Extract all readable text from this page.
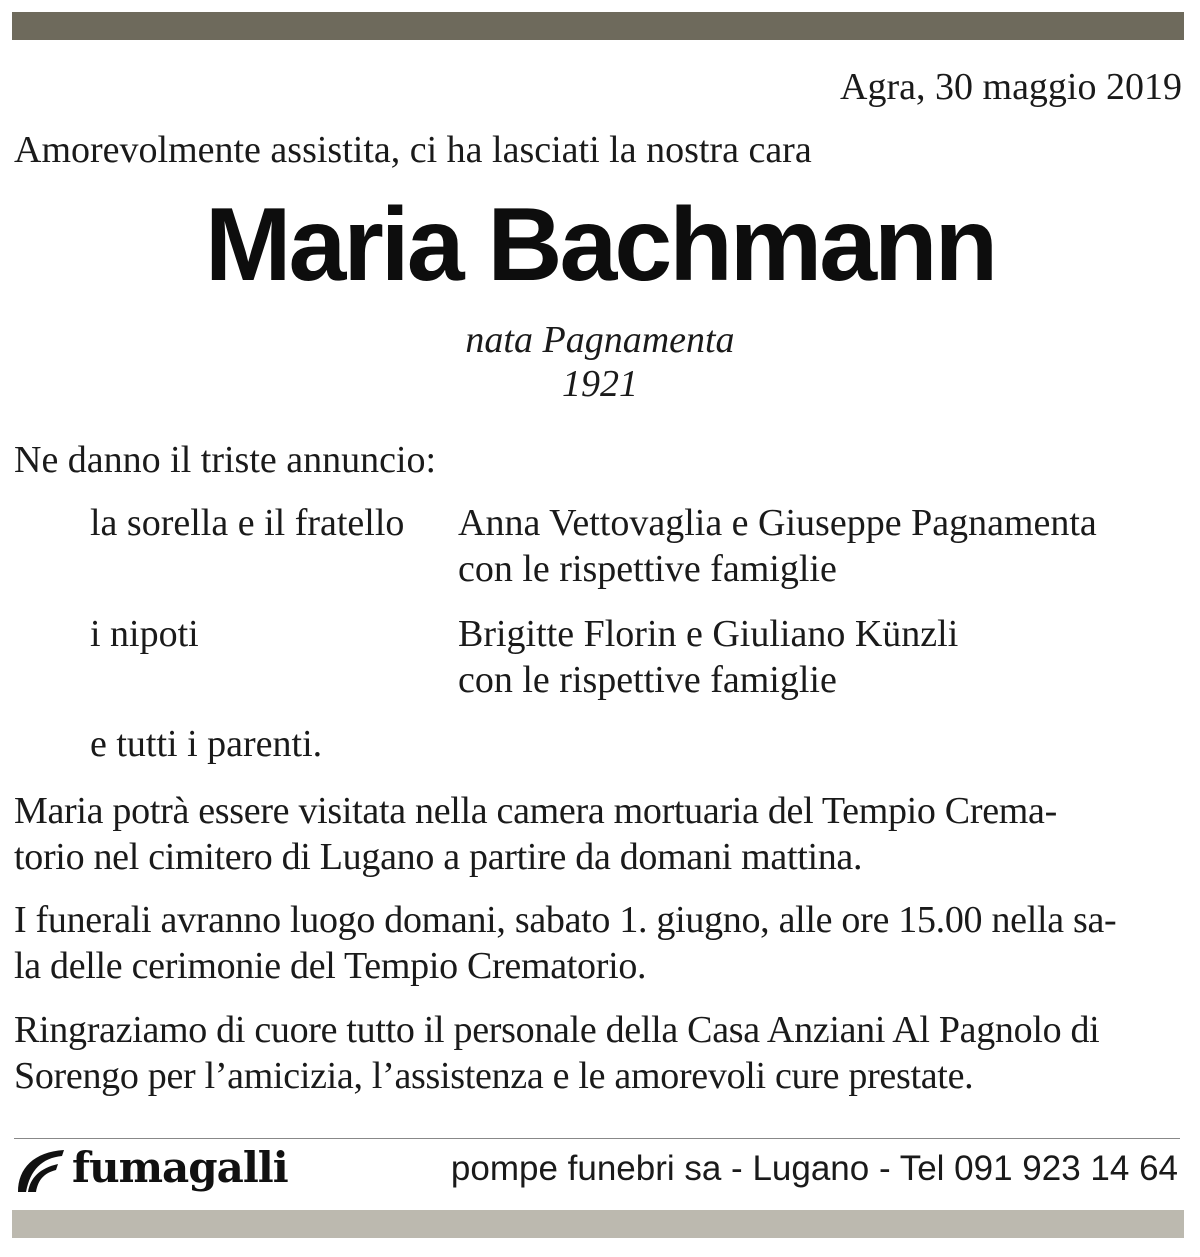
Agra, 30 maggio 2019
Amorevolmente assistita, ci ha lasciati la nostra cara
Maria Bachmann
nata Pagnamenta
1921
Ne danno il triste annuncio:
la sorella e il fratello Anna Vettovaglia e Giuseppe Pagnamenta
con le rispettive famiglie
i nipoti	Brigitte Florin e Giuliano Künzli
con le rispettive famiglie
e tutti i parenti.
Maria potrà essere visitata nella camera mortuaria del Tempio Crema-
torio nel cimitero di Lugano a partire da domani mattina.
I funerali avranno luogo domani, sabato 1. giugno, alle ore 15.00 nella sa-
la delle cerimonie del Tempio Crematorio.
Ringraziamo di cuore tutto il personale della Casa Anziani Al Pagnolo di
Sorengo per l’amicizia, l’assistenza e le amorevoli cure prestate.
fumagalli	pompe funebri sa - Lugano - Tel 091 923 14 64
